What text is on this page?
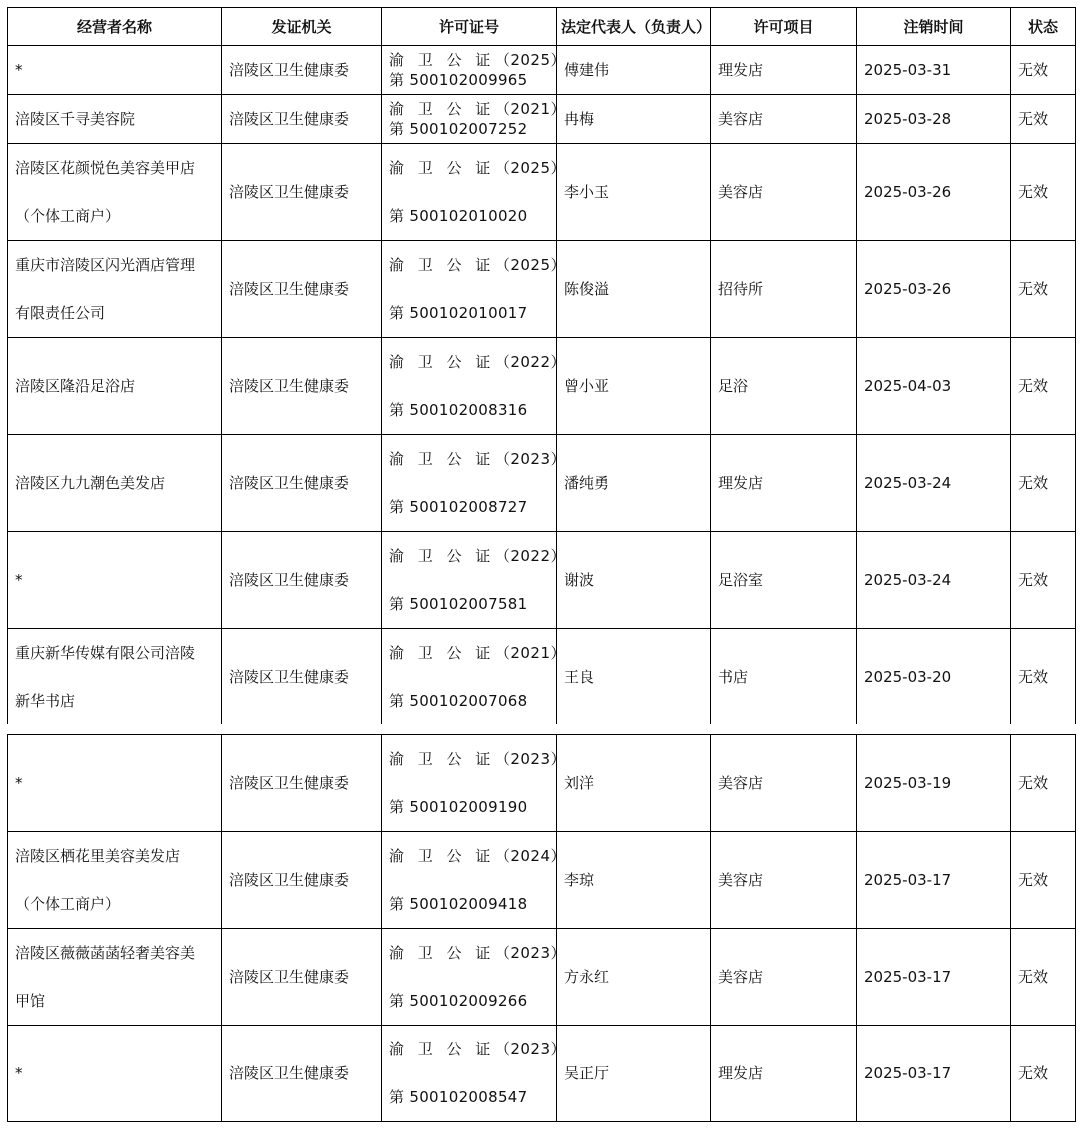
经营者名称	发证机关	许可证号	法定代表人（负责人）	许可项目	注销时间	状态

*	涪陵区卫生健康委	渝 卫 公 证（2025）
第 500102009965	傅建伟	理发店	2025-03-31	无效

涪陵区千寻美容院	涪陵区卫生健康委	渝 卫 公 证（2021）
第 500102007252	冉梅	美容店	2025-03-28	无效

涪陵区花颜悦色美容美甲店
（个体工商户）	涪陵区卫生健康委	渝 卫 公 证（2025）
第 500102010020	李小玉	美容店	2025-03-26	无效

重庆市涪陵区闪光酒店管理
有限责任公司	涪陵区卫生健康委	渝 卫 公 证（2025）
第 500102010017	陈俊溢	招待所	2025-03-26	无效

涪陵区隆沿足浴店	涪陵区卫生健康委	渝 卫 公 证（2022）
第 500102008316	曾小亚	足浴	2025-04-03	无效

涪陵区九九潮色美发店	涪陵区卫生健康委	渝 卫 公 证（2023）
第 500102008727	潘纯勇	理发店	2025-03-24	无效

*	涪陵区卫生健康委	渝 卫 公 证（2022）
第 500102007581	谢波	足浴室	2025-03-24	无效

重庆新华传媒有限公司涪陵
新华书店	涪陵区卫生健康委	渝 卫 公 证（2021）
第 500102007068	王良	书店	2025-03-20	无效
*	涪陵区卫生健康委	渝 卫 公 证（2023）
第 500102009190	刘洋	美容店	2025-03-19	无效

涪陵区栖花里美容美发店
（个体工商户）	涪陵区卫生健康委	渝 卫 公 证（2024）
第 500102009418	李琼	美容店	2025-03-17	无效

涪陵区薇薇菡菡轻奢美容美
甲馆	涪陵区卫生健康委	渝 卫 公 证（2023）
第 500102009266	方永红	美容店	2025-03-17	无效

*	涪陵区卫生健康委	渝 卫 公 证（2023）
第 500102008547	吴正厅	理发店	2025-03-17	无效
